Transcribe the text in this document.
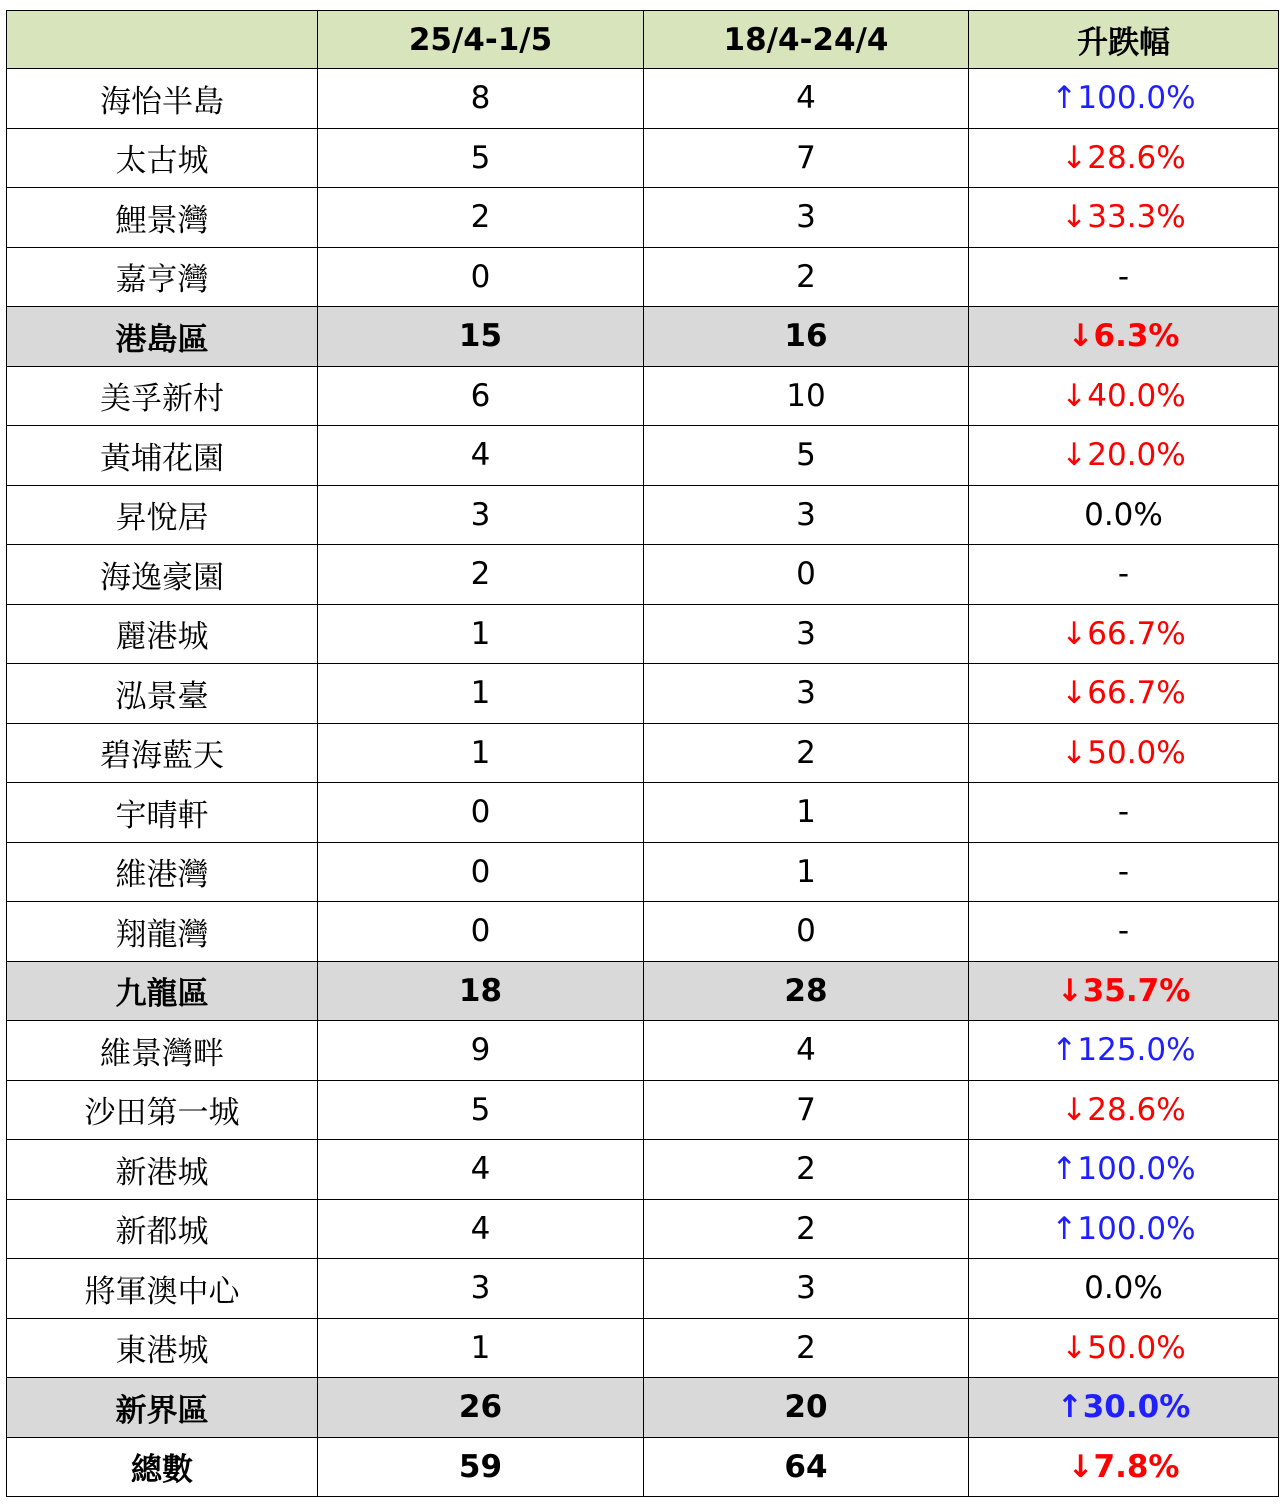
	25/4-1/5	18/4-24/4	升跌幅
海怡半島	8	4	↑100.0%
太古城	5	7	↓28.6%
鯉景灣	2	3	↓33.3%
嘉亨灣	0	2	-
港島區	15	16	↓6.3%
美孚新村	6	10	↓40.0%
黃埔花園	4	5	↓20.0%
昇悅居	3	3	0.0%
海逸豪園	2	0	-
麗港城	1	3	↓66.7%
泓景臺	1	3	↓66.7%
碧海藍天	1	2	↓50.0%
宇晴軒	0	1	-
維港灣	0	1	-
翔龍灣	0	0	-
九龍區	18	28	↓35.7%
維景灣畔	9	4	↑125.0%
沙田第一城	5	7	↓28.6%
新港城	4	2	↑100.0%
新都城	4	2	↑100.0%
將軍澳中心	3	3	0.0%
東港城	1	2	↓50.0%
新界區	26	20	↑30.0%
總數	59	64	↓7.8%
